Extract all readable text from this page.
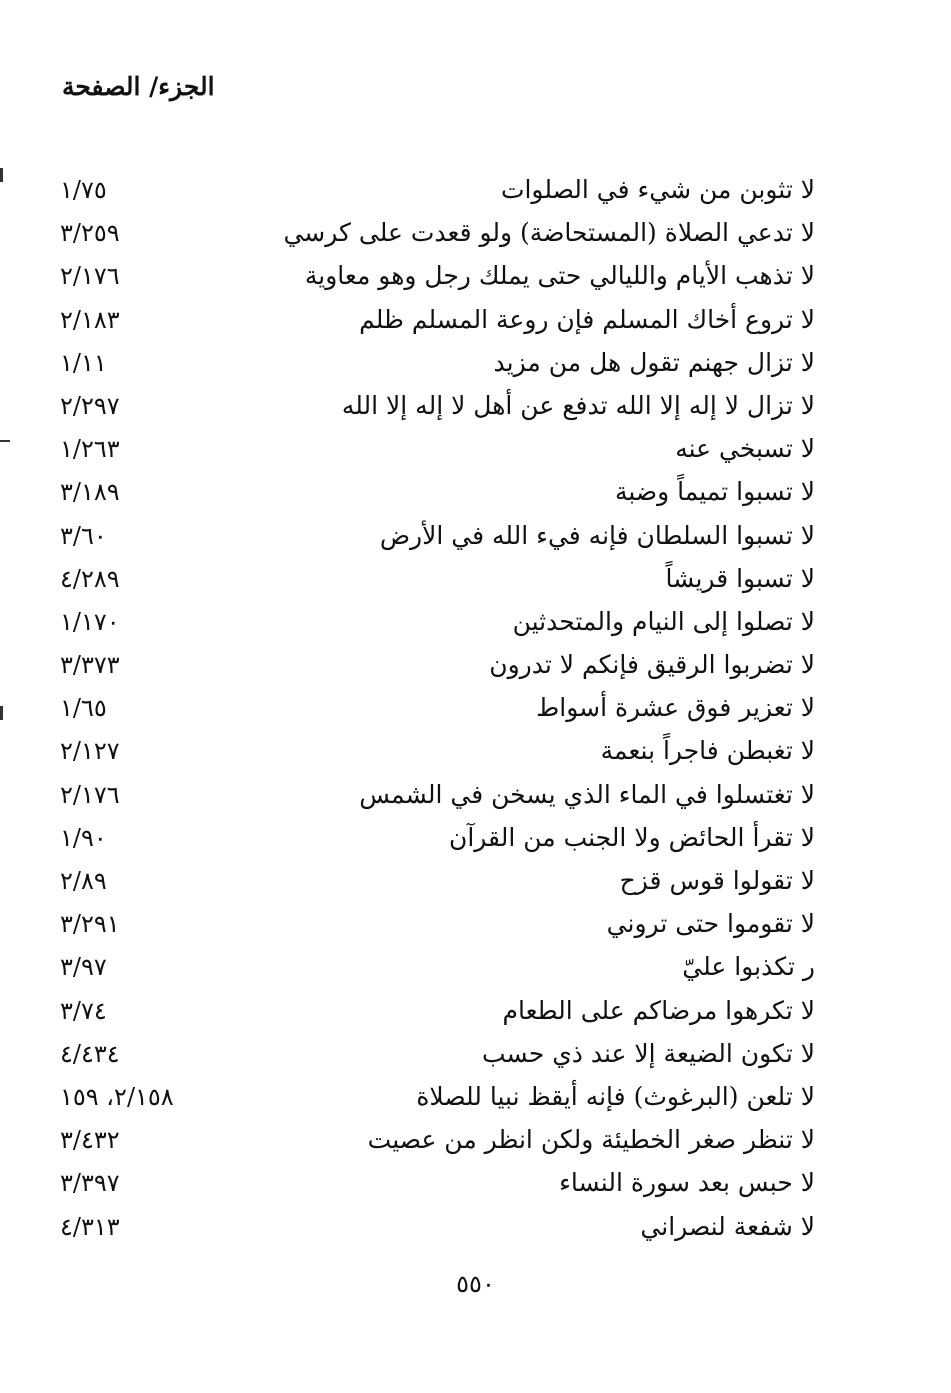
الجزء/ الصفحة
لا تثوبن من شيء في الصلوات
١/٧٥
لا تدعي الصلاة (المستحاضة) ولو قعدت على كرسي
٣/٢٥٩
لا تذهب الأيام والليالي حتى يملك رجل وهو معاوية
٢/١٧٦
لا تروع أخاك المسلم فإن روعة المسلم ظلم
٢/١٨٣
لا تزال جهنم تقول هل من مزيد
١/١١
لا تزال لا إله إلا الله تدفع عن أهل لا إله إلا الله
٢/٢٩٧
لا تسبخي عنه
١/٢٦٣
لا تسبوا تميماً وضبة
٣/١٨٩
لا تسبوا السلطان فإنه فيء الله في الأرض
٣/٦٠
لا تسبوا قريشاً
٤/٢٨٩
لا تصلوا إلى النيام والمتحدثين
١/١٧٠
لا تضربوا الرقيق فإنكم لا تدرون
٣/٣٧٣
لا تعزير فوق عشرة أسواط
١/٦٥
لا تغبطن فاجراً بنعمة
٢/١٢٧
لا تغتسلوا في الماء الذي يسخن في الشمس
٢/١٧٦
لا تقرأ الحائض ولا الجنب من القرآن
١/٩٠
لا تقولوا قوس قزح
٢/٨٩
لا تقوموا حتى تروني
٣/٢٩١
ر تكذبوا عليّ
٣/٩٧
لا تكرهوا مرضاكم على الطعام
٣/٧٤
لا تكون الضيعة إلا عند ذي حسب
٤/٤٣٤
لا تلعن (البرغوث) فإنه أيقظ نبيا للصلاة
٢/١٥٨، ١٥٩
لا تنظر صغر الخطيئة ولكن انظر من عصيت
٣/٤٣٢
لا حبس بعد سورة النساء
٣/٣٩٧
لا شفعة لنصراني
٤/٣١٣
٥٥٠
